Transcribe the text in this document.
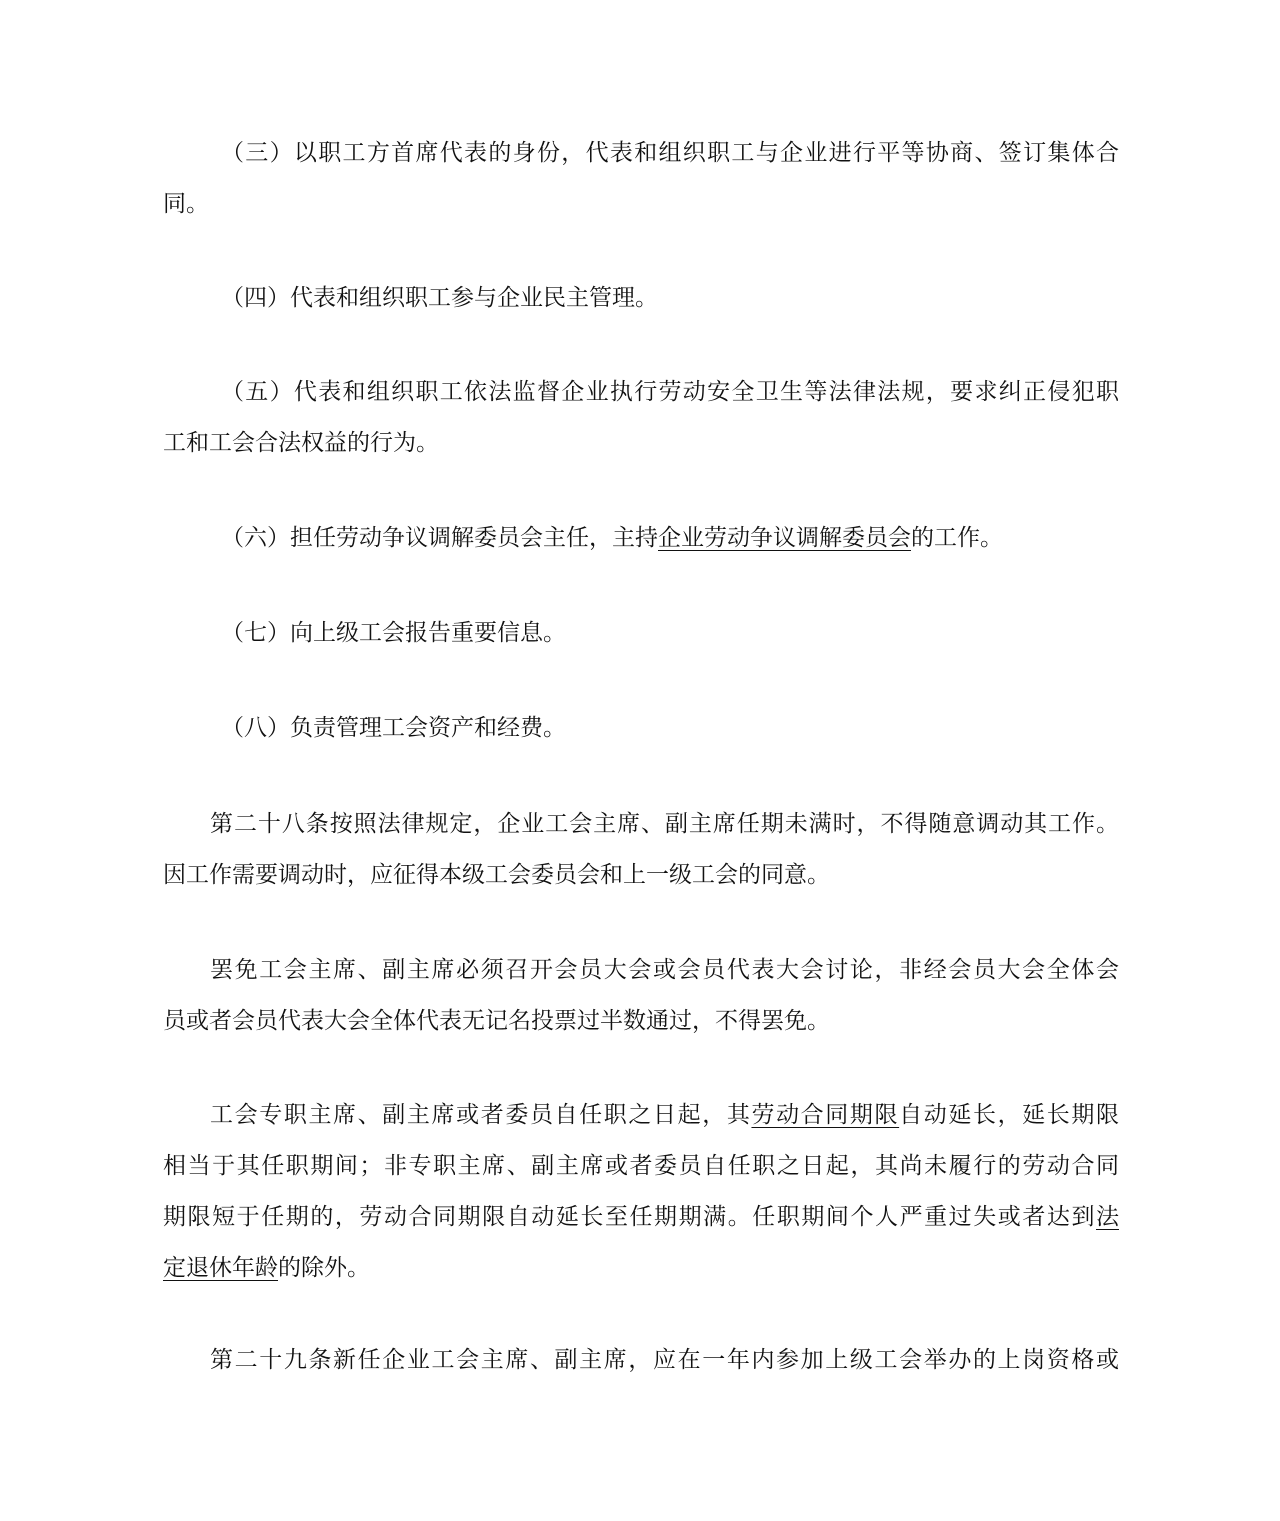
（三）以职工方首席代表的身份，代表和组织职工与企业进行平等协商、签订集体合
同。
（四）代表和组织职工参与企业民主管理。
（五）代表和组织职工依法监督企业执行劳动安全卫生等法律法规，要求纠正侵犯职
工和工会合法权益的行为。
（六）担任劳动争议调解委员会主任，主持企业劳动争议调解委员会的工作。
（七）向上级工会报告重要信息。
（八）负责管理工会资产和经费。
第二十八条按照法律规定，企业工会主席、副主席任期未满时，不得随意调动其工作。
因工作需要调动时，应征得本级工会委员会和上一级工会的同意。
罢免工会主席、副主席必须召开会员大会或会员代表大会讨论，非经会员大会全体会
员或者会员代表大会全体代表无记名投票过半数通过，不得罢免。
工会专职主席、副主席或者委员自任职之日起，其劳动合同期限自动延长，延长期限
相当于其任职期间；非专职主席、副主席或者委员自任职之日起，其尚未履行的劳动合同
期限短于任期的，劳动合同期限自动延长至任期期满。任职期间个人严重过失或者达到法
定退休年龄的除外。
第二十九条新任企业工会主席、副主席，应在一年内参加上级工会举办的上岗资格或
